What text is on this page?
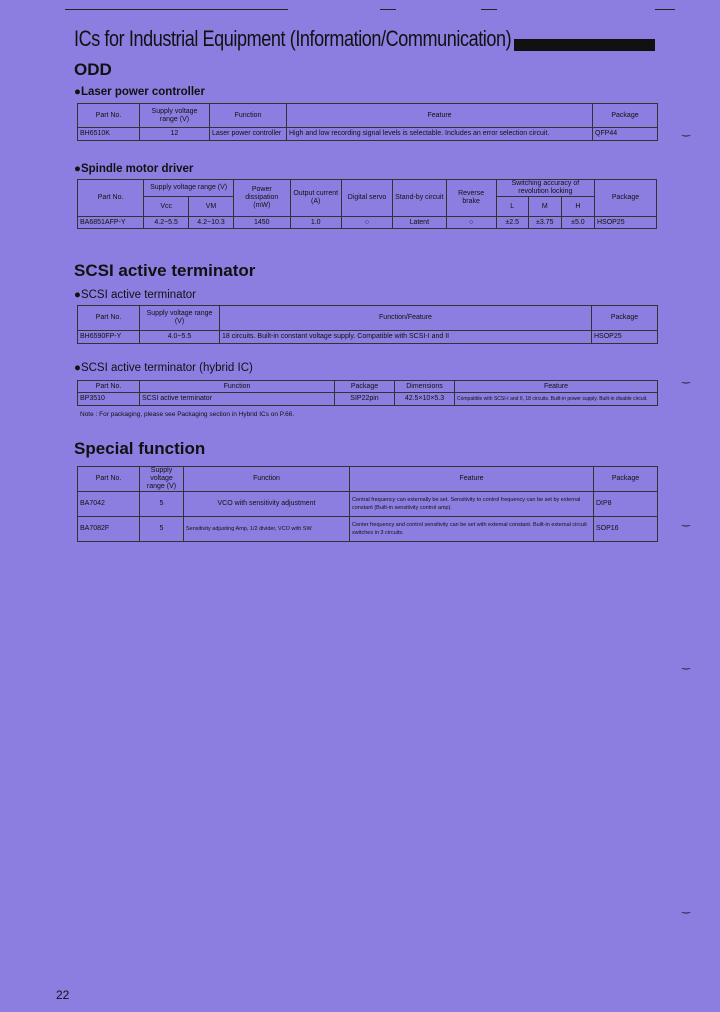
ICs for Industrial Equipment (Information/Communication)
ODD
●Laser power controller
Part No.	Supply voltage range (V)	Function	Feature	Package
BH6510K	12	Laser power controller	High and low recording signal levels is selectable. Includes an error selection circuit.	QFP44
●Spindle motor driver
Part No.	Supply voltage range (V)		Power dissipation (mW)	Output current (A)	Digital servo	Stand-by circuit	Reverse brake	Switching accuracy of revolution locking			Package
	Vcc	VM						L	M	H	
BA6851AFP-Y	4.2~5.5	4.2~10.3	1450	1.0	○	Latent	○	±2.5	±3.75	±5.0	HSOP25
SCSI active terminator
●SCSI active terminator
Part No.	Supply voltage range (V)	Function/Feature	Package
BH6590FP-Y	4.0~5.5	18 circuits. Built-in constant voltage supply. Compatible with SCSI-I and II	HSOP25
●SCSI active terminator (hybrid IC)
Part No.	Function	Package	Dimensions	Feature
BP3510	SCSI active terminator	SIP22pin	42.5×10×5.3	Compatible with SCSI-I and II, 18 circuits. Built-in power supply. Built-in disable circuit.
Note : For packaging, please see Packaging section in Hybrid ICs on P.66.
Special function
Part No.	Supply voltage range (V)	Function	Feature	Package
BA7042	5	VCO with sensitivity adjustment	Central frequency can externally be set. Sensitivity to control frequency can be set by external constant (Built-in sensitivity control amp).	DIP8
BA7082F	5	Sensitivity adjusting Amp, 1/2 divider, VCO with SW	Center frequency and control sensitivity can be set with external constant. Built-in external circuit switches in 3 circuits.	SOP16
‿
‿
‿
‿
‿
22
